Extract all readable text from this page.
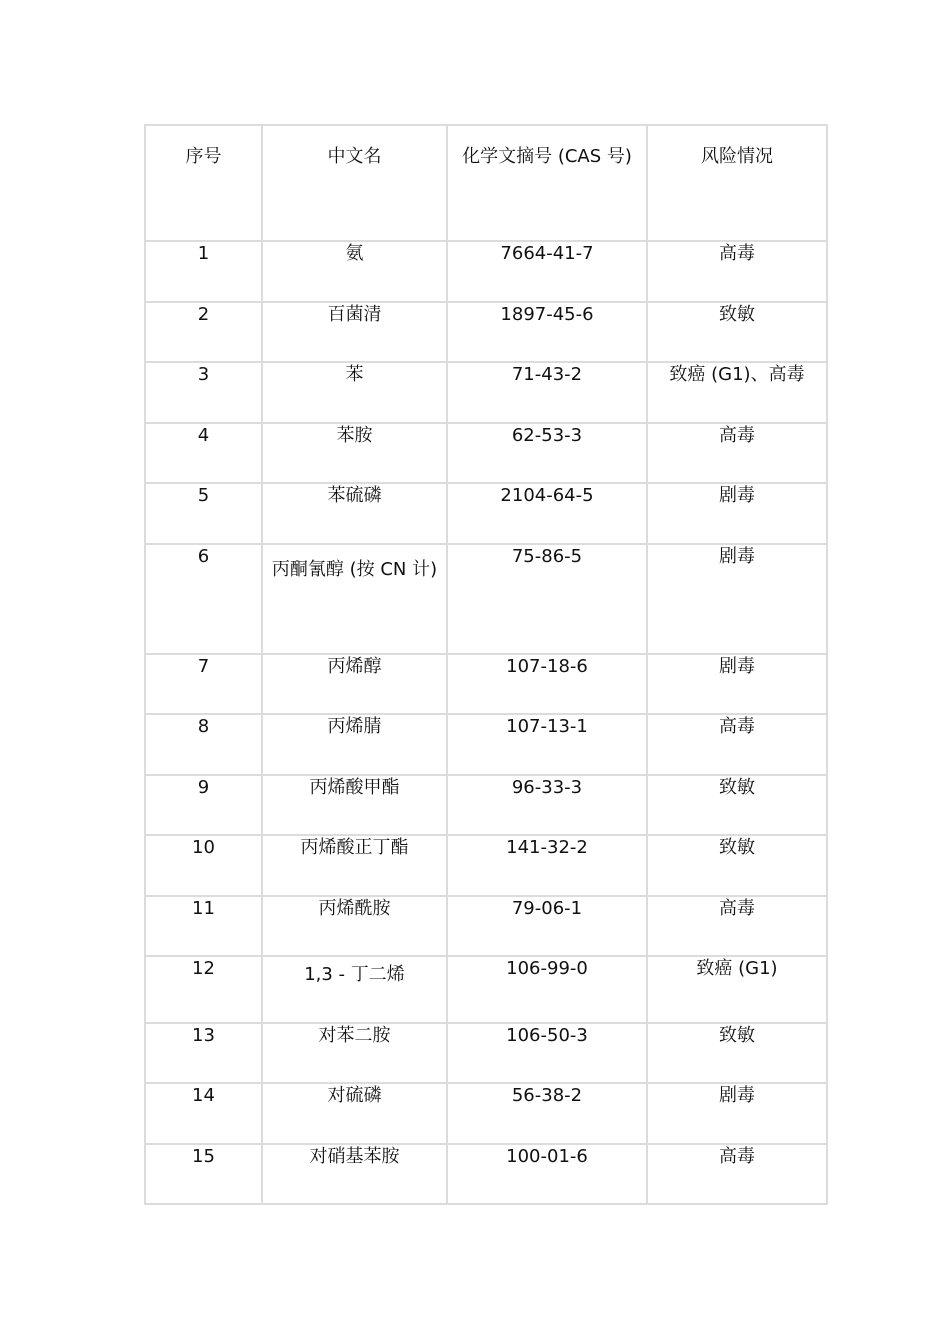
序号	中文名	化学文摘号 (CAS 号)	风险情况
1	氨	7664-41-7	高毒
2	百菌清	1897-45-6	致敏
3	苯	71-43-2	致癌 (G1)、高毒
4	苯胺	62-53-3	高毒
5	苯硫磷	2104-64-5	剧毒
6	丙酮氰醇 (按 CN 计)	75-86-5	剧毒
7	丙烯醇	107-18-6	剧毒
8	丙烯腈	107-13-1	高毒
9	丙烯酸甲酯	96-33-3	致敏
10	丙烯酸正丁酯	141-32-2	致敏
11	丙烯酰胺	79-06-1	高毒
12	1,3 - 丁二烯	106-99-0	致癌 (G1)
13	对苯二胺	106-50-3	致敏
14	对硫磷	56-38-2	剧毒
15	对硝基苯胺	100-01-6	高毒
